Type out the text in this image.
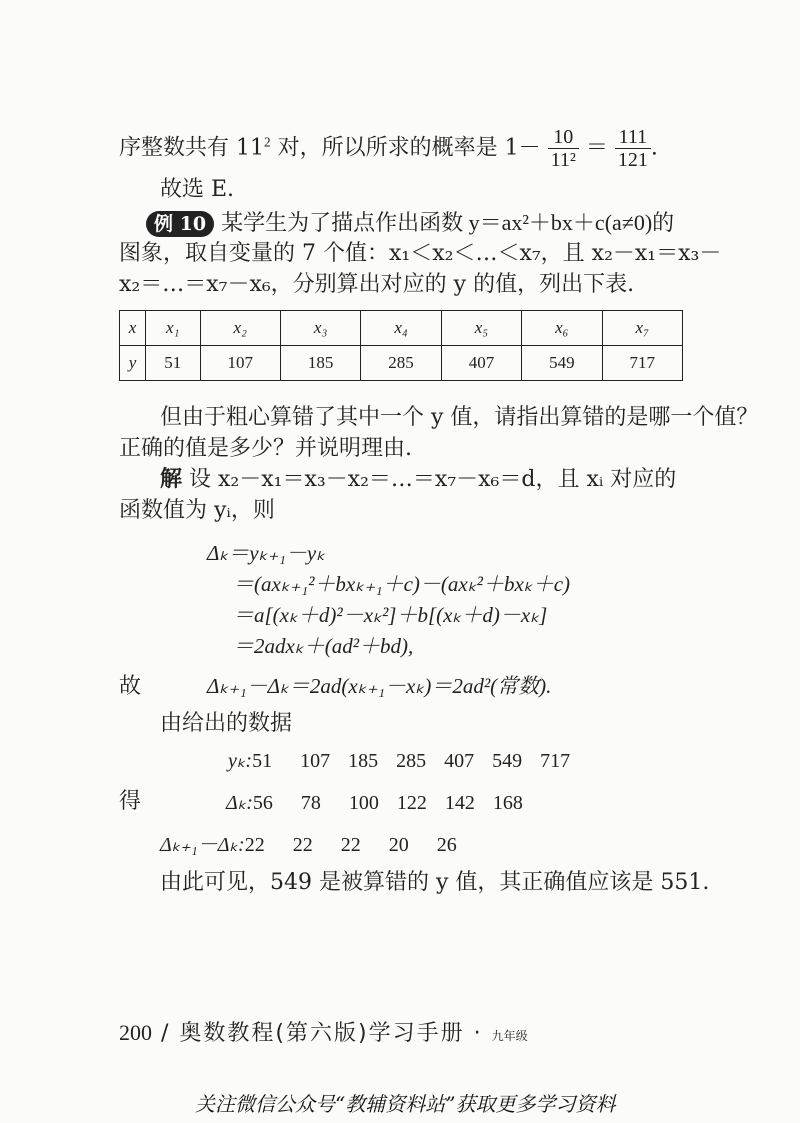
序整数共有 $11^2$ 对，所以所求的概率是 $1- \frac{10}{\text{11²}} = \frac{111}{121}$ .
故选 E.
例 10 某学生为了描点作出函数 y＝ax²＋bx＋c(a≠0)的
图象，取自变量的 7 个值：x₁＜x₂＜…＜x₇，且 x₂－x₁＝x₃－
x₂＝…＝x₇－x₆，分别算出对应的 y 的值，列出下表.
x	x₁	x₂	x₃	x₄	x₅	x₆	x₇
y	51	107	185	285	407	549	717
但由于粗心算错了其中一个 y 值，请指出算错的是哪一个值？
正确的值是多少？并说明理由.
解 设 x₂－x₁＝x₃－x₂＝…＝x₇－x₆＝d，且 xᵢ 对应的
函数值为 yᵢ，则
Δₖ＝yₖ₊₁－yₖ
＝(axₖ₊₁²＋bxₖ₊₁＋c)－(axₖ²＋bxₖ＋c)
＝a[(xₖ＋d)²－xₖ²]＋b[(xₖ＋d)－xₖ]
＝2adxₖ＋(ad²＋bd),
故	Δₖ₊₁－Δₖ＝2ad(xₖ₊₁－xₖ)＝2ad²(常数).
由给出的数据
yₖ:51 107 185 285 407 549 717
得	Δₖ:56 78 100 122 142 168
Δₖ₊₁－Δₖ:22 22 22 20 26
由此可见，549 是被算错的 y 值，其正确值应该是 551.
200 / 奥数教程(第六版)学习手册 · 九年级
关注微信公众号“教辅资料站”获取更多学习资料
